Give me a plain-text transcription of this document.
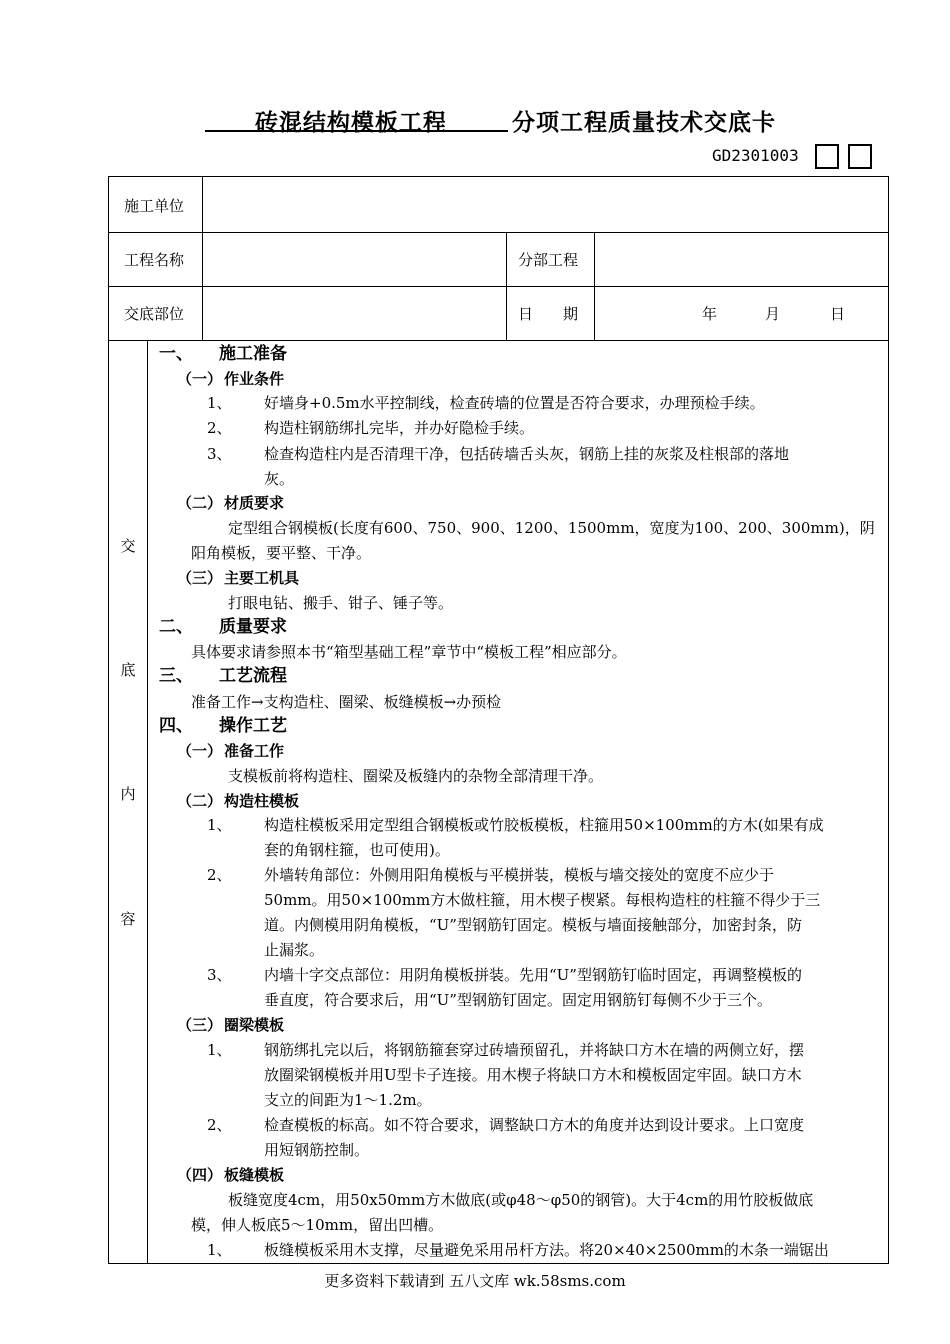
砖混结构模板工程	分项工程质量技术交底卡
GD2301003
施工单位
工程名称	分部工程
交底部位	日　　期	年	月	日
交
底
内
容
一、 施工准备
（一） 作业条件
1、 好墙身+0.5m水平控制线，检查砖墙的位置是否符合要求，办理预检手续。
2、 构造柱钢筋绑扎完毕，并办好隐检手续。
3、 检查构造柱内是否清理干净，包括砖墙舌头灰，钢筋上挂的灰浆及柱根部的落地
灰。
（二） 材质要求
定型组合钢模板(长度有600、750、900、1200、1500mm，宽度为100、200、300mm)，阴
阳角模板，要平整、干净。
（三） 主要工机具
打眼电钻、搬手、钳子、锤子等。
二、 质量要求
具体要求请参照本书“箱型基础工程”章节中“模板工程”相应部分。
三、 工艺流程
准备工作→支构造柱、圈梁、板缝模板→办预检
四、 操作工艺
（一） 准备工作
支模板前将构造柱、圈梁及板缝内的杂物全部清理干净。
（二） 构造柱模板
1、 构造柱模板采用定型组合钢模板或竹胶板模板，柱箍用50×100mm的方木(如果有成
套的角钢柱箍，也可使用)。
2、 外墙转角部位：外侧用阳角模板与平模拼装，模板与墙交接处的宽度不应少于
50mm。用50×100mm方木做柱箍，用木楔子楔紧。每根构造柱的柱箍不得少于三
道。内侧模用阴角模板，“U”型钢筋钉固定。模板与墙面接触部分，加密封条，防
止漏浆。
3、 内墙十字交点部位：用阴角模板拼装。先用“U”型钢筋钉临时固定，再调整模板的
垂直度，符合要求后，用“U”型钢筋钉固定。固定用钢筋钉每侧不少于三个。
（三） 圈梁模板
1、 钢筋绑扎完以后，将钢筋箍套穿过砖墙预留孔，并将缺口方木在墙的两侧立好，摆
放圈梁钢模板并用U型卡子连接。用木楔子将缺口方木和模板固定牢固。缺口方木
支立的间距为1～1.2m。
2、 检查模板的标高。如不符合要求，调整缺口方木的角度并达到设计要求。上口宽度
用短钢筋控制。
（四） 板缝模板
板缝宽度4cm，用50x50mm方木做底(或φ48～φ50的钢管)。大于4cm的用竹胶板做底
模，伸人板底5～10mm，留出凹槽。
1、 板缝模板采用木支撑，尽量避免采用吊杆方法。将20×40×2500mm的木条一端锯出
更多资料下载请到 五八文库 wk.58sms.com
